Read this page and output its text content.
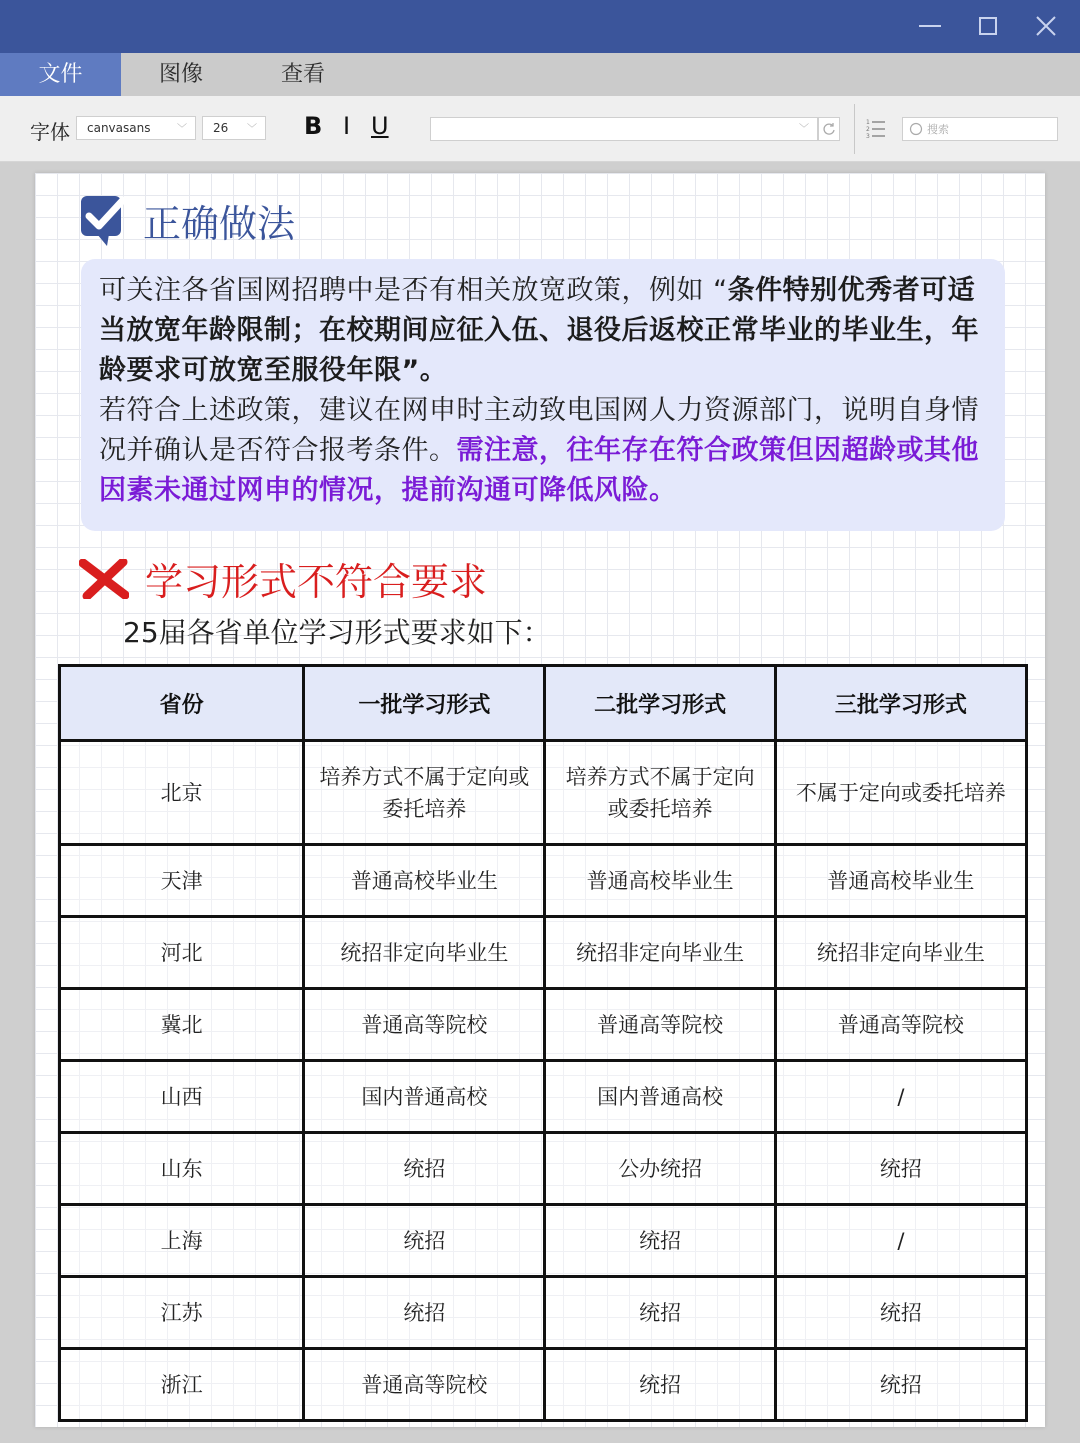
文件	图像	查看
字体	canvasans	﹀	26 ﹀ B I U	﹀
1
2
3
搜索
正确做法
可关注各省国网招聘中是否有相关放宽政策，例如 “条件特别优秀者可适当放宽年龄限制；在校期间应征入伍、退役后返校正常毕业的毕业生，年龄要求可放宽至服役年限”。
若符合上述政策，建议在网申时主动致电国网人力资源部门，说明自身情况并确认是否符合报考条件。需注意，往年存在符合政策但因超龄或其他因素未通过网申的情况，提前沟通可降低风险。
学习形式不符合要求
25届各省单位学习形式要求如下：
省份	一批学习形式	二批学习形式	三批学习形式
北京	培养方式不属于定向或委托培养	培养方式不属于定向或委托培养	不属于定向或委托培养
天津	普通高校毕业生	普通高校毕业生	普通高校毕业生
河北	统招非定向毕业生	统招非定向毕业生	统招非定向毕业生
冀北	普通高等院校	普通高等院校	普通高等院校
山西	国内普通高校	国内普通高校	/
山东	统招	公办统招	统招
上海	统招	统招	/
江苏	统招	统招	统招
浙江	普通高等院校	统招	统招
